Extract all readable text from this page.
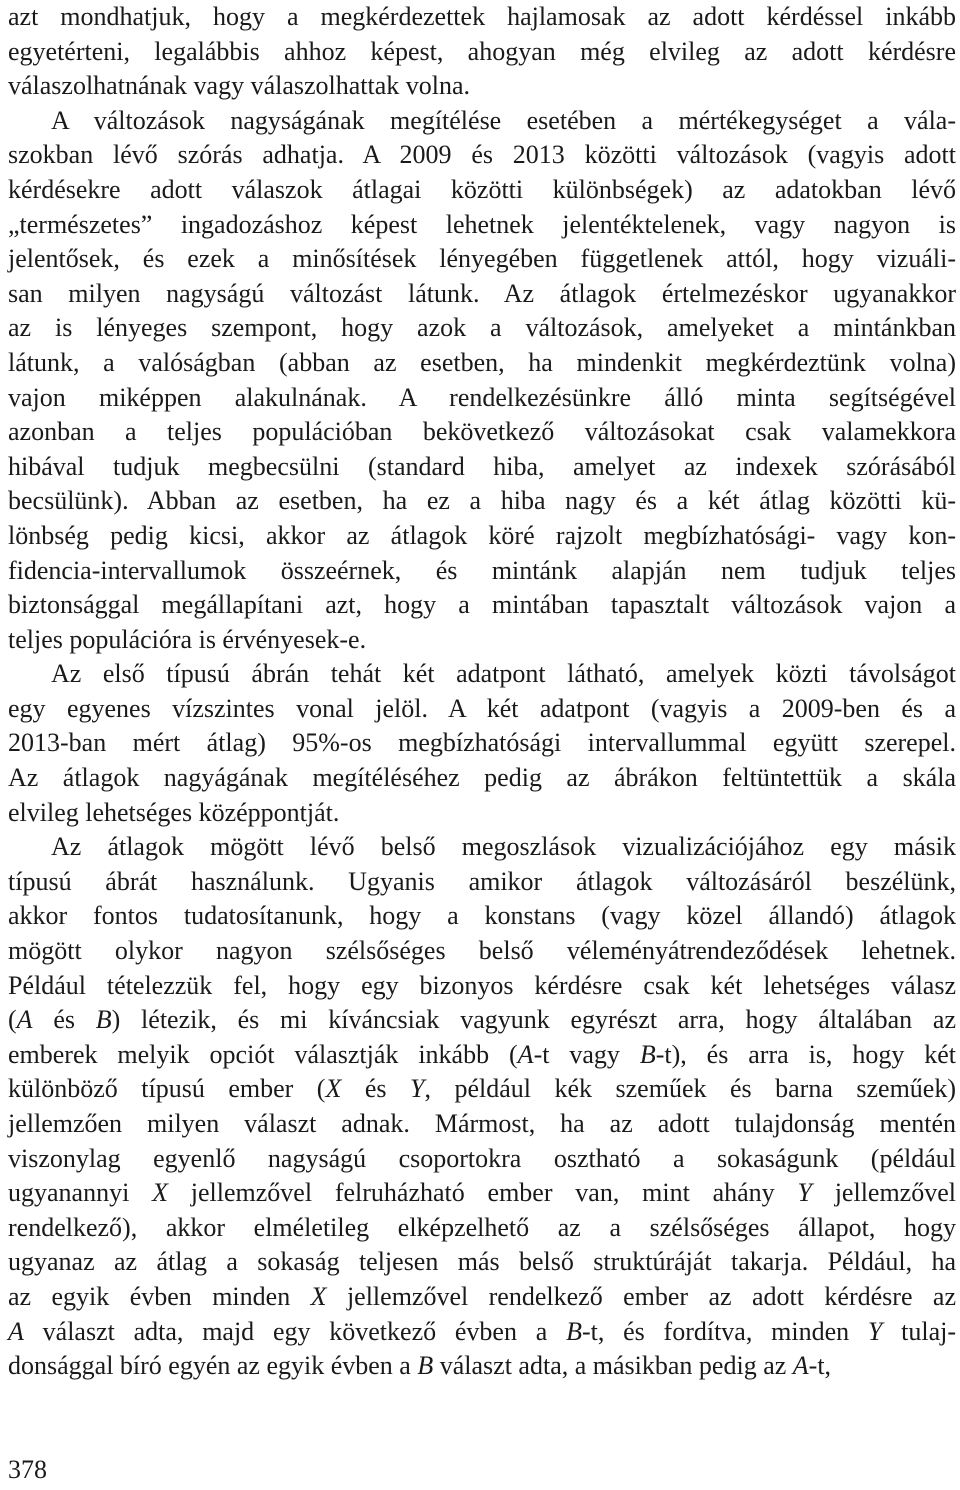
azt mondhatjuk, hogy a megkérdezettek hajlamosak az adott kérdéssel inkább
egyetérteni, legalábbis ahhoz képest, ahogyan még elvileg az adott kérdésre
válaszolhatnának vagy válaszolhattak volna.

A változások nagyságának megítélése esetében a mértékegységet a vála-
szokban lévő szórás adhatja. A 2009 és 2013 közötti változások (vagyis adott
kérdésekre adott válaszok átlagai közötti különbségek) az adatokban lévő
„természetes” ingadozáshoz képest lehetnek jelentéktelenek, vagy nagyon is
jelentősek, és ezek a minősítések lényegében függetlenek attól, hogy vizuáli-
san milyen nagyságú változást látunk. Az átlagok értelmezéskor ugyanakkor
az is lényeges szempont, hogy azok a változások, amelyeket a mintánkban
látunk, a valóságban (abban az esetben, ha mindenkit megkérdeztünk volna)
vajon miképpen alakulnának. A rendelkezésünkre álló minta segítségével
azonban a teljes populációban bekövetkező változásokat csak valamekkora
hibával tudjuk megbecsülni (standard hiba, amelyet az indexek szórásából
becsülünk). Abban az esetben, ha ez a hiba nagy és a két átlag közötti kü-
lönbség pedig kicsi, akkor az átlagok köré rajzolt megbízhatósági- vagy kon-
fidencia-intervallumok összeérnek, és mintánk alapján nem tudjuk teljes
biztonsággal megállapítani azt, hogy a mintában tapasztalt változások vajon a
teljes populációra is érvényesek-e.

Az első típusú ábrán tehát két adatpont látható, amelyek közti távolságot
egy egyenes vízszintes vonal jelöl. A két adatpont (vagyis a 2009-ben és a
2013-ban mért átlag) 95%-os megbízhatósági intervallummal együtt szerepel.
Az átlagok nagyágának megítéléséhez pedig az ábrákon feltüntettük a skála
elvileg lehetséges középpontját.

Az átlagok mögött lévő belső megoszlások vizualizációjához egy másik
típusú ábrát használunk. Ugyanis amikor átlagok változásáról beszélünk,
akkor fontos tudatosítanunk, hogy a konstans (vagy közel állandó) átlagok
mögött olykor nagyon szélsőséges belső véleményátrendeződések lehetnek.
Például tételezzük fel, hogy egy bizonyos kérdésre csak két lehetséges válasz
(A és B) létezik, és mi kíváncsiak vagyunk egyrészt arra, hogy általában az
emberek melyik opciót választják inkább (A-t vagy B-t), és arra is, hogy két
különböző típusú ember (X és Y, például kék szeműek és barna szeműek)
jellemzően milyen választ adnak. Mármost, ha az adott tulajdonság mentén
viszonylag egyenlő nagyságú csoportokra osztható a sokaságunk (például
ugyanannyi X jellemzővel felruházható ember van, mint ahány Y jellemzővel
rendelkező), akkor elméletileg elképzelhető az a szélsőséges állapot, hogy
ugyanaz az átlag a sokaság teljesen más belső struktúráját takarja. Például, ha
az egyik évben minden X jellemzővel rendelkező ember az adott kérdésre az
A választ adta, majd egy következő évben a B-t, és fordítva, minden Y tulaj-
donsággal bíró egyén az egyik évben a B választ adta, a másikban pedig az A-t,

378
